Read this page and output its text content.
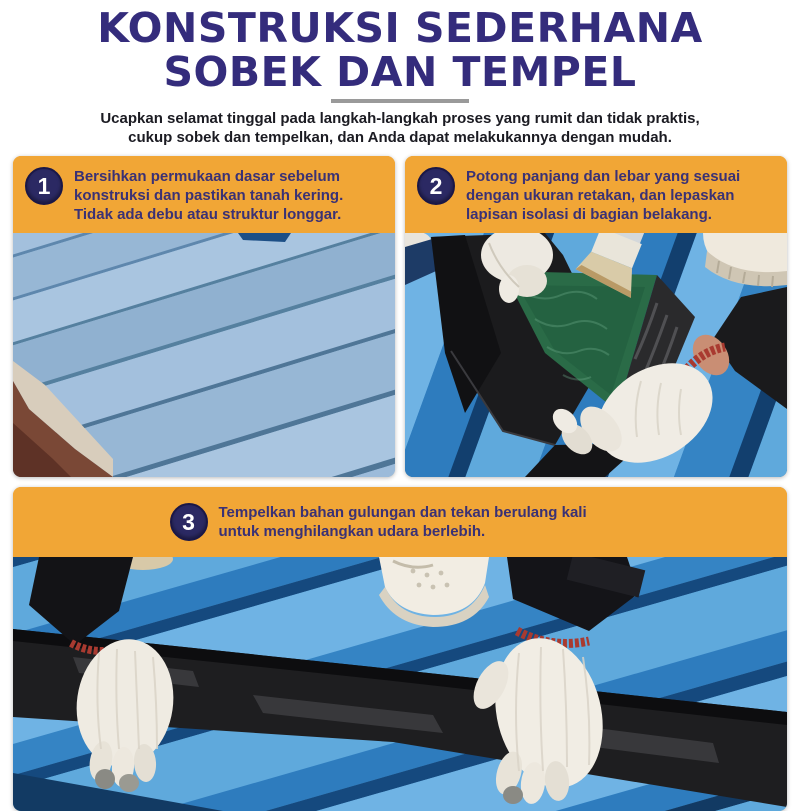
KONSTRUKSI SEDERHANA
SOBEK DAN TEMPEL

Ucapkan selamat tinggal pada langkah-langkah proses yang rumit dan tidak praktis,
cukup sobek dan tempelkan, dan Anda dapat melakukannya dengan mudah.

1	Bersihkan permukaan dasar sebelum konstruksi dan pastikan tanah kering. Tidak ada debu atau struktur longgar.

2	Potong panjang dan lebar yang sesuai dengan ukuran retakan, dan lepaskan lapisan isolasi di bagian belakang.

3	Tempelkan bahan gulungan dan tekan berulang kali untuk menghilangkan udara berlebih.
